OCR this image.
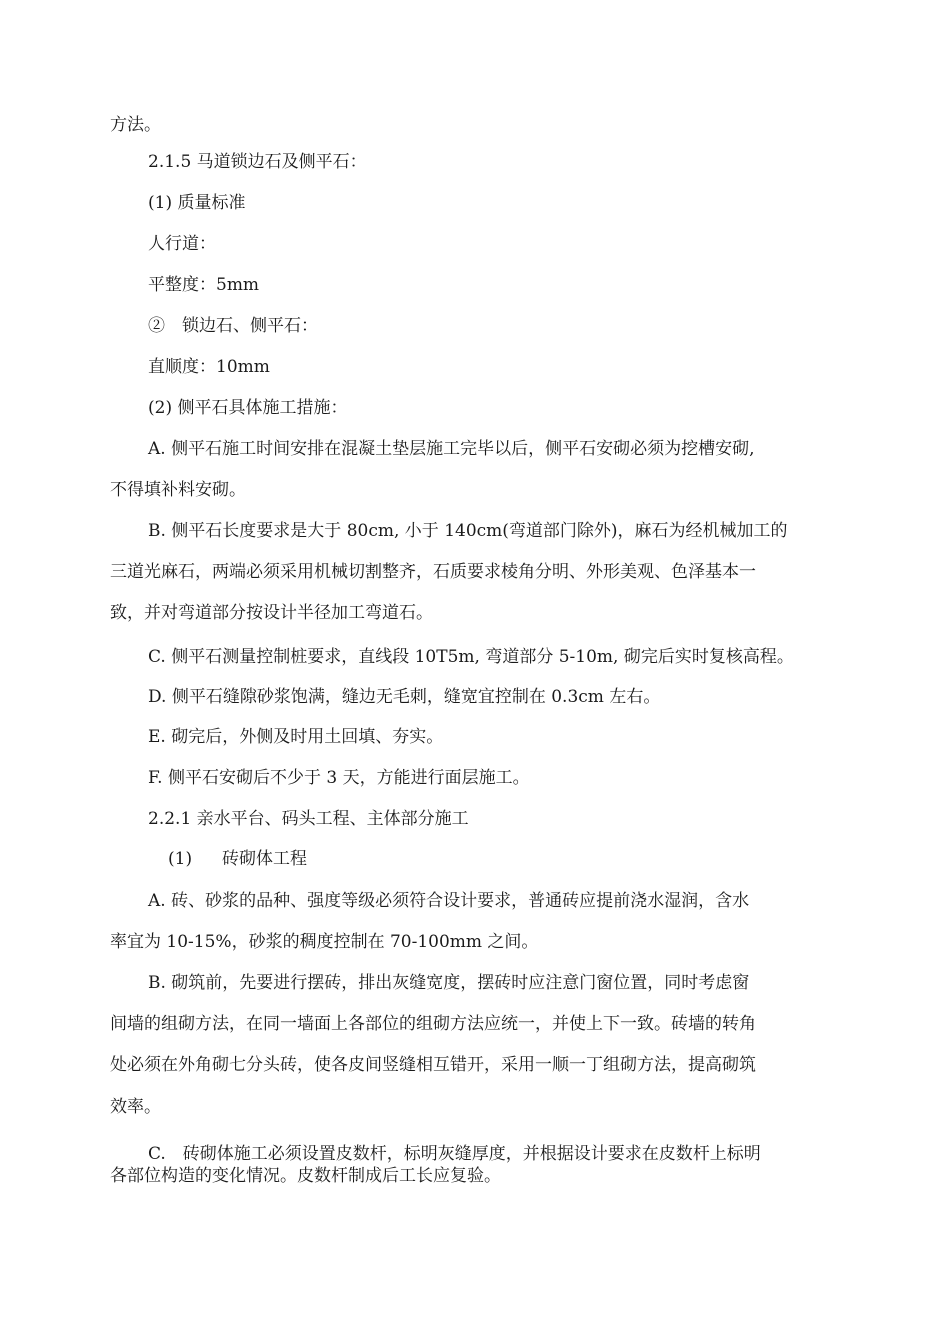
方法。
2.1.5 马道锁边石及侧平石：
(1) 质量标准
人行道：
平整度：5mm
②　锁边石、侧平石：
直顺度：10mm
(2) 侧平石具体施工措施：
A. 侧平石施工时间安排在混凝土垫层施工完毕以后，侧平石安砌必须为挖槽安砌,
不得填补料安砌。
B. 侧平石长度要求是大于 80cm, 小于 140cm(弯道部门除外)，麻石为经机械加工的
三道光麻石，两端必须采用机械切割整齐，石质要求棱角分明、外形美观、色泽基本一
致，并对弯道部分按设计半径加工弯道石。
C. 侧平石测量控制桩要求，直线段 10T5m, 弯道部分 5-10m, 砌完后实时复核高程。
D. 侧平石缝隙砂浆饱满，缝边无毛刺，缝宽宜控制在 0.3cm 左右。
E. 砌完后，外侧及时用土回填、夯实。
F. 侧平石安砌后不少于 3 天，方能进行面层施工。
2.2.1 亲水平台、码头工程、主体部分施工
(1) 砖砌体工程
A. 砖、砂浆的品种、强度等级必须符合设计要求，普通砖应提前浇水湿润，含水
率宜为 10-15%，砂浆的稠度控制在 70-100mm 之间。
B. 砌筑前，先要进行摆砖，排出灰缝宽度，摆砖时应注意门窗位置，同时考虑窗
间墙的组砌方法，在同一墙面上各部位的组砌方法应统一，并使上下一致。砖墙的转角
处必须在外角砌七分头砖，使各皮间竖缝相互错开，采用一顺一丁组砌方法，提高砌筑
效率。
C.　砖砌体施工必须设置皮数杆，标明灰缝厚度，并根据设计要求在皮数杆上标明
各部位构造的变化情况。皮数杆制成后工长应复验。
